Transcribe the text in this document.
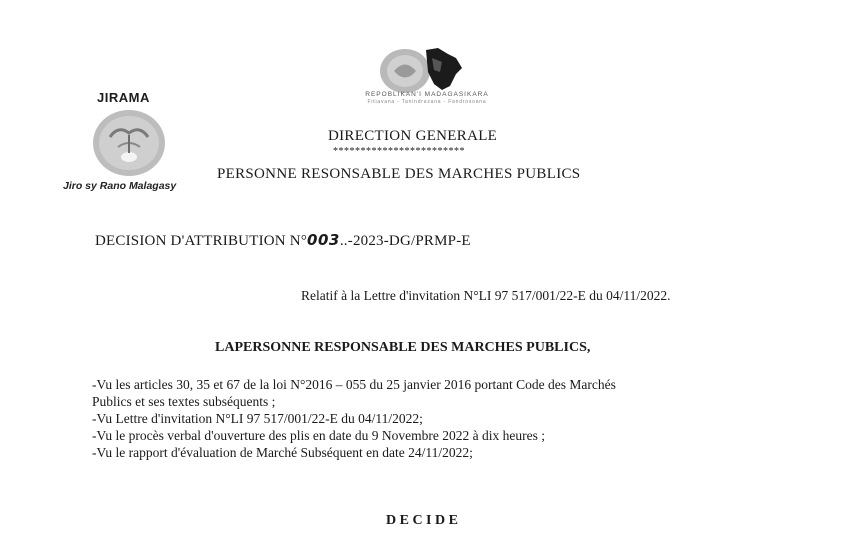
JIRAMA
Jiro sy Rano Malagasy
REPOBLIKAN'I MADAGASIKARA
Fitiavana - Tanindrazana - Fandrosoana
DIRECTION GENERALE
************************
PERSONNE RESONSABLE DES MARCHES PUBLICS
DECISION D'ATTRIBUTION N°003..-2023-DG/PRMP-E
Relatif à la Lettre d'invitation N°LI 97 517/001/22-E du 04/11/2022.
LAPERSONNE RESPONSABLE DES MARCHES PUBLICS,
-Vu les articles 30, 35 et 67 de la loi N°2016 – 055 du 25 janvier 2016 portant Code des Marchés
Publics et ses textes subséquents ;
-Vu Lettre d'invitation N°LI 97 517/001/22-E du 04/11/2022;
-Vu le procès verbal d'ouverture des plis en date du 9 Novembre 2022 à dix heures ;
-Vu le rapport d'évaluation de Marché Subséquent en date 24/11/2022;
DECIDE
